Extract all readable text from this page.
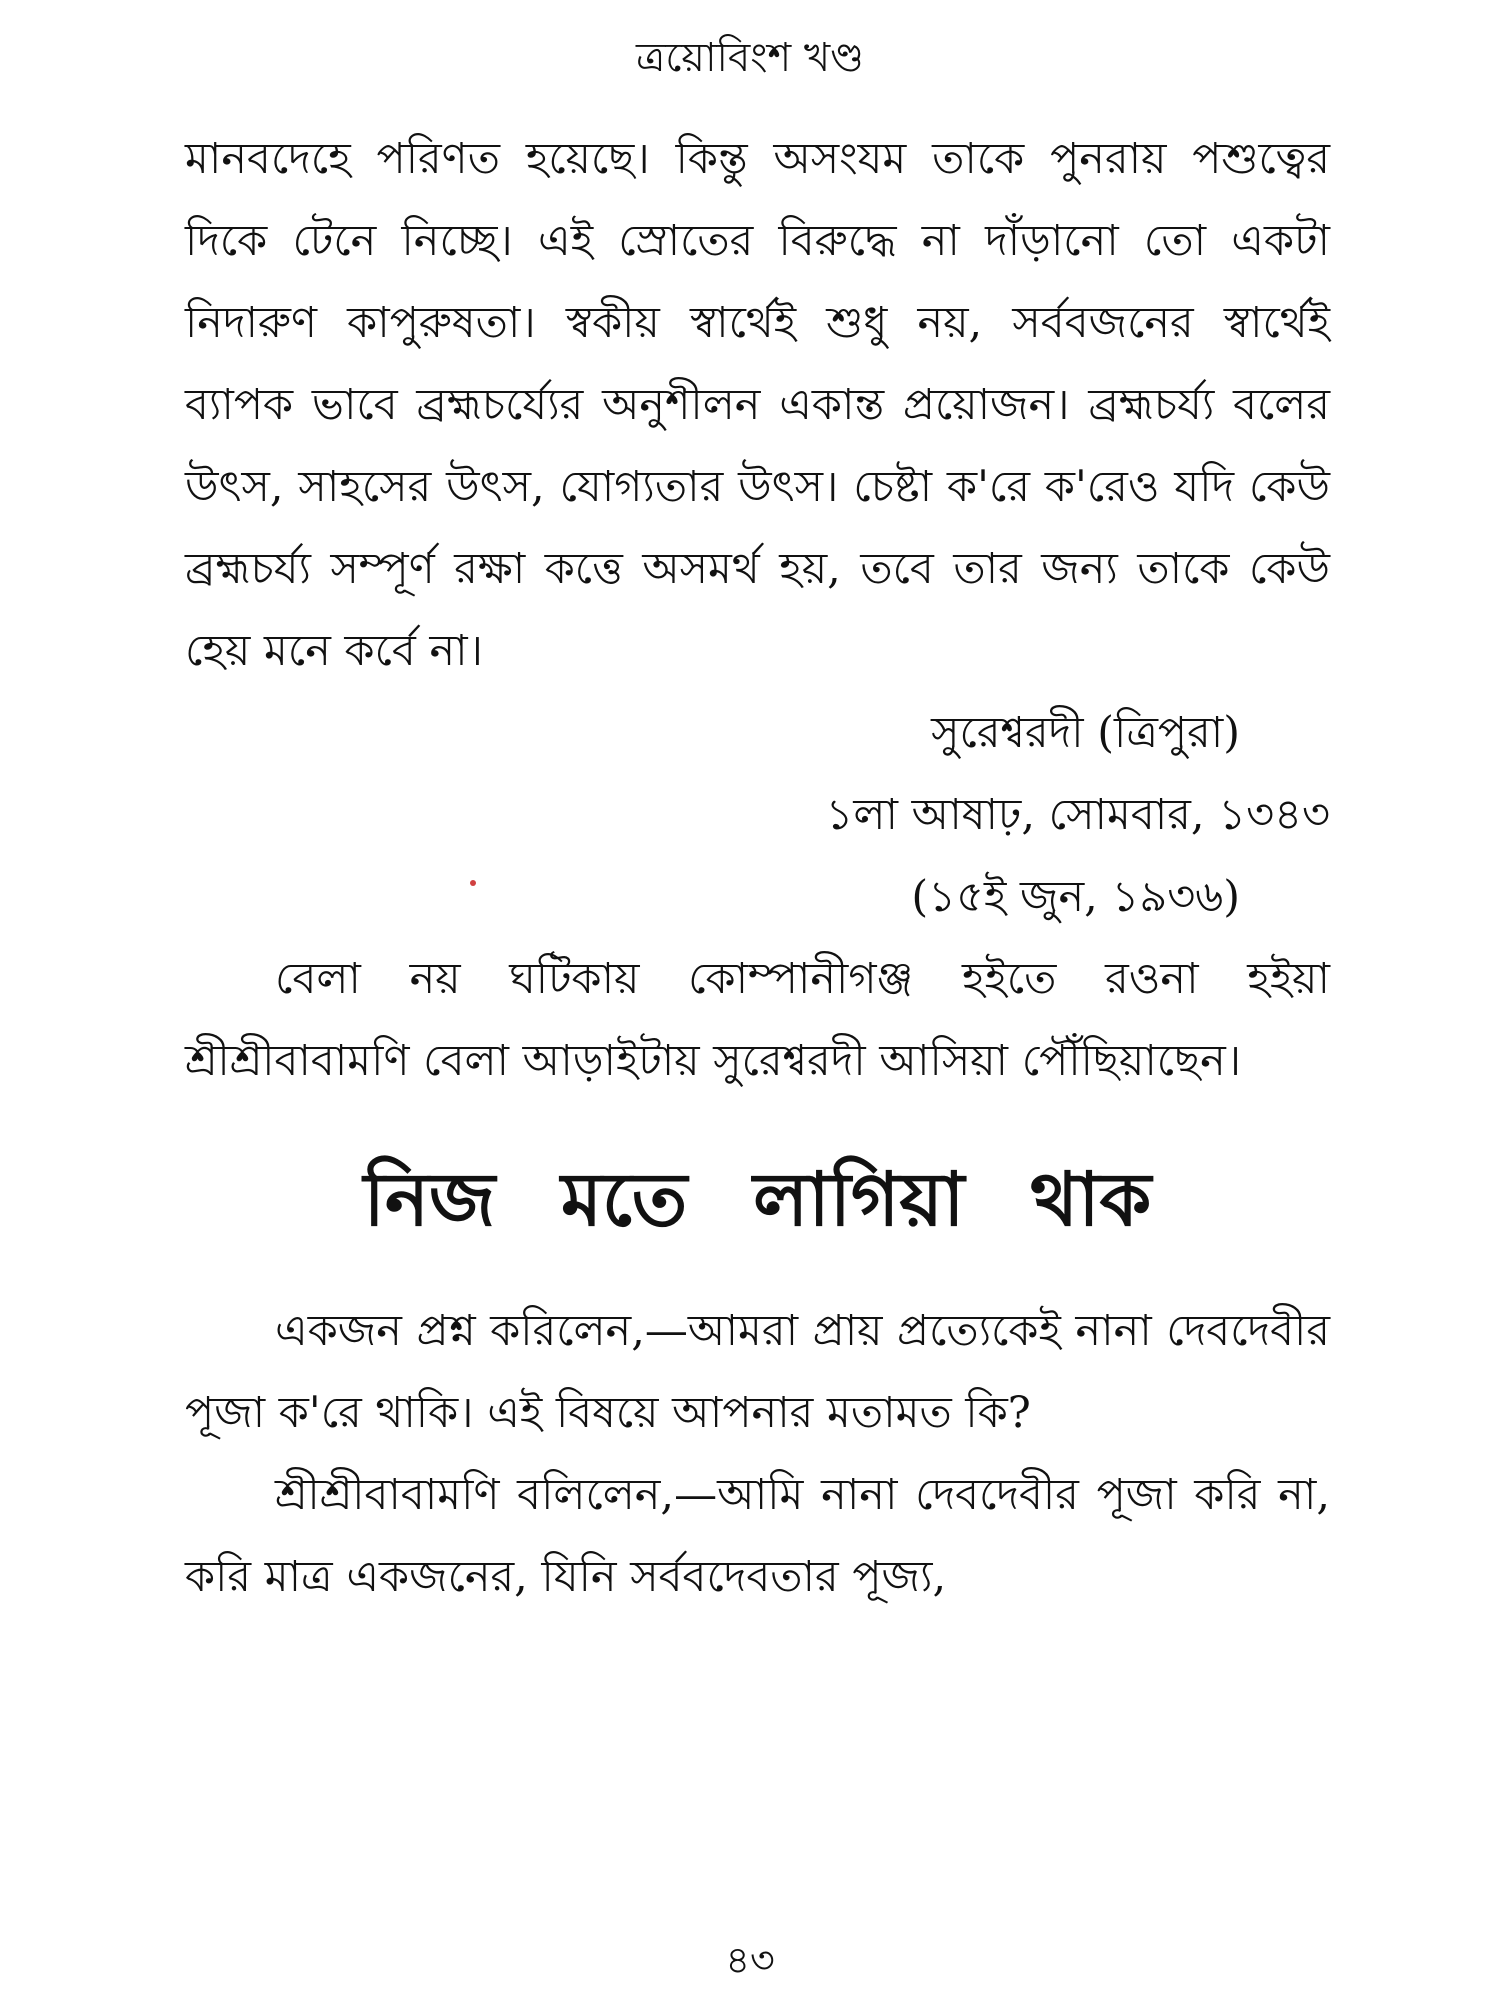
ত্রয়োবিংশ খণ্ড

মানবদেহে পরিণত হয়েছে। কিন্তু অসংযম তাকে পুনরায় পশুত্বের দিকে টেনে নিচ্ছে। এই স্রোতের বিরুদ্ধে না দাঁড়ানো তো একটা নিদারুণ কাপুরুষতা। স্বকীয় স্বার্থেই শুধু নয়, সর্ববজনের স্বার্থেই ব্যাপক ভাবে ব্রহ্মচর্য্যের অনুশীলন একান্ত প্রয়োজন। ব্রহ্মচর্য্য বলের উৎস, সাহসের উৎস, যোগ্যতার উৎস। চেষ্টা ক'রে ক'রেও যদি কেউ ব্রহ্মচর্য্য সম্পূর্ণ রক্ষা কত্তে অসমর্থ হয়, তবে তার জন্য তাকে কেউ হেয় মনে কর্বে না।

সুরেশ্বরদী (ত্রিপুরা)

১লা আষাঢ়, সোমবার, ১৩৪৩

(১৫ই জুন, ১৯৩৬)

বেলা নয় ঘটিকায় কোম্পানীগঞ্জ হইতে রওনা হইয়া শ্রীশ্রীবাবামণি বেলা আড়াইটায় সুরেশ্বরদী আসিয়া পৌঁছিয়াছেন।

নিজ মতে লাগিয়া থাক

একজন প্রশ্ন করিলেন,—আমরা প্রায় প্রত্যেকেই নানা দেবদেবীর পূজা ক'রে থাকি। এই বিষয়ে আপনার মতামত কি?

শ্রীশ্রীবাবামণি বলিলেন,—আমি নানা দেবদেবীর পূজা করি না, করি মাত্র একজনের, যিনি সর্ববদেবতার পূজ্য,

৪৩
